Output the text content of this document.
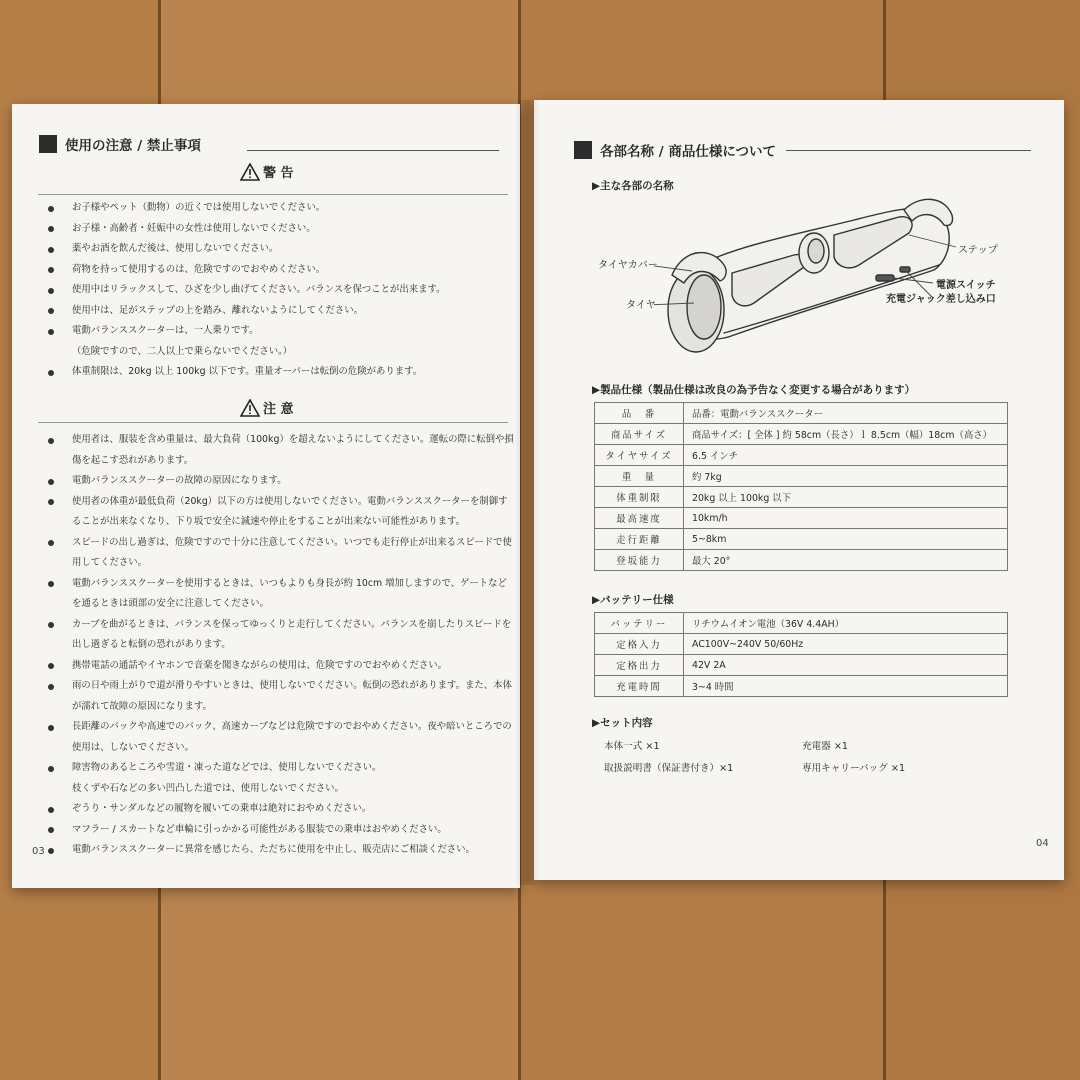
使用の注意 / 禁止事項
警 告
お子様やペット（動物）の近くでは使用しないでください。
お子様・高齢者・妊娠中の女性は使用しないでください。
薬やお酒を飲んだ後は、使用しないでください。
荷物を持って使用するのは、危険ですのでおやめください。
使用中はリラックスして、ひざを少し曲げてください。バランスを保つことが出来ます。
使用中は、足がステップの上を踏み、離れないようにしてください。
電動バランススクーターは、一人乗りです。
（危険ですので、二人以上で乗らないでください。）
体重制限は、20kg 以上 100kg 以下です。重量オーバーは転倒の危険があります。
注 意
使用者は、服装を含め重量は、最大負荷（100kg）を超えないようにしてください。運転の際に転倒や損傷を起こす恐れがあります。
電動バランススクーターの故障の原因になります。
使用者の体重が最低負荷（20kg）以下の方は使用しないでください。電動バランススクーターを制御することが出来なくなり、下り坂で安全に減速や停止をすることが出来ない可能性があります。
スピードの出し過ぎは、危険ですので十分に注意してください。いつでも走行停止が出来るスピードで使用してください。
電動バランススクーターを使用するときは、いつもよりも身長が約 10cm 増加しますので、ゲートなどを通るときは頭部の安全に注意してください。
カーブを曲がるときは、バランスを保ってゆっくりと走行してください。バランスを崩したりスピードを出し過ぎると転倒の恐れがあります。
携帯電話の通話やイヤホンで音楽を聞きながらの使用は、危険ですのでおやめください。
雨の日や雨上がりで道が滑りやすいときは、使用しないでください。転倒の恐れがあります。また、本体が濡れて故障の原因になります。
長距離のバックや高速でのバック、高速カーブなどは危険ですのでおやめください。夜や暗いところでの使用は、しないでください。
障害物のあるところや雪道・凍った道などでは、使用しないでください。
枝くずや石などの多い凹凸した道では、使用しないでください。
ぞうり・サンダルなどの履物を履いての乗車は絶対におやめください。
マフラー / スカートなど車輪に引っかかる可能性がある服装での乗車はおやめください。
電動バランススクーターに異常を感じたら、ただちに使用を中止し、販売店にご相談ください。
03
各部名称 / 商品仕様について
▶主な各部の名称
タイヤカバー
タイヤ
ステップ
電源スイッチ
充電ジャック差し込み口
▶製品仕様（製品仕様は改良の為予告なく変更する場合があります）
品　番	品番：電動バランススクーター
商品サイズ	商品サイズ：[ 全体 ] 約 58cm（長さ）ｌ 8.5cm（幅）18cm（高さ）
タイヤサイズ	6.5 インチ
重　量	約 7kg
体重制限	20kg 以上 100kg 以下
最高速度	10km/h
走行距離	5~8km
登坂能力	最大 20°
▶バッテリー仕様
バッテリー	リチウムイオン電池（36V 4.4AH）
定格入力	AC100V~240V 50/60Hz
定格出力	42V 2A
充電時間	3~4 時間
▶セット内容
本体一式 ×1	充電器 ×1
取扱説明書（保証書付き）×1	専用キャリーバッグ ×1
04
